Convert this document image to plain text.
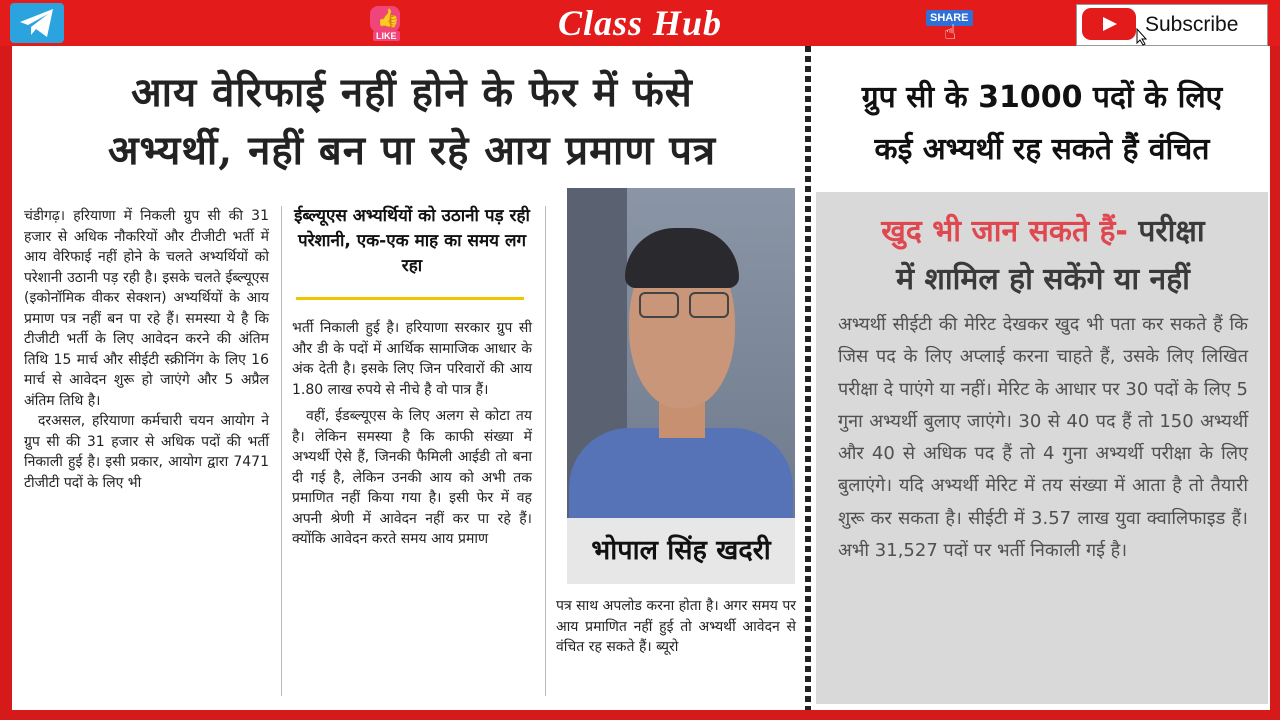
👍
LIKE	Class Hub	SHARE
☝	Subscribe
आय वेरिफाई नहीं होने के फेर में फंसे
अभ्यर्थी, नहीं बन पा रहे आय प्रमाण पत्र

चंडीगढ़। हरियाणा में निकली ग्रुप सी की 31 हजार से अधिक नौकरियों और टीजीटी भर्ती में आय वेरिफाई नहीं होने के चलते अभ्यर्थियों को परेशानी उठानी पड़ रही है। इसके चलते ईब्ल्यूएस (इकोनॉमिक वीकर सेक्शन) अभ्यर्थियों के आय प्रमाण पत्र नहीं बन पा रहे हैं। समस्या ये है कि टीजीटी भर्ती के लिए आवेदन करने की अंतिम तिथि 15 मार्च और सीईटी स्क्रीनिंग के लिए 16 मार्च से आवेदन शुरू हो जाएंगे और 5 अप्रैल अंतिम तिथि है।

दरअसल, हरियाणा कर्मचारी चयन आयोग ने ग्रुप सी की 31 हजार से अधिक पदों की भर्ती निकाली हुई है। इसी प्रकार, आयोग द्वारा 7471 टीजीटी पदों के लिए भी

ईब्ल्यूएस अभ्यर्थियों को उठानी पड़ रही परेशानी, एक-एक माह का समय लग रहा

भर्ती निकाली हुई है। हरियाणा सरकार ग्रुप सी और डी के पदों में आर्थिक सामाजिक आधार के अंक देती है। इसके लिए जिन परिवारों की आय 1.80 लाख रुपये से नीचे है वो पात्र हैं।

वहीं, ईडब्ल्यूएस के लिए अलग से कोटा तय है। लेकिन समस्या है कि काफी संख्या में अभ्यर्थी ऐसे हैं, जिनकी फैमिली आईडी तो बना दी गई है, लेकिन उनकी आय को अभी तक प्रमाणित नहीं किया गया है। इसी फेर में वह अपनी श्रेणी में आवेदन नहीं कर पा रहे हैं। क्योंकि आवेदन करते समय आय प्रमाण	भोपाल सिंह खदरी

पत्र साथ अपलोड करना होता है। अगर समय पर आय प्रमाणित नहीं हुई तो अभ्यर्थी आवेदन से वंचित रह सकते हैं। ब्यूरो

ग्रुप सी के 31000 पदों के लिए
कई अभ्यर्थी रह सकते हैं वंचित
खुद भी जान सकते हैं- परीक्षा
में शामिल हो सकेंगे या नहीं

अभ्यर्थी सीईटी की मेरिट देखकर खुद भी पता कर सकते हैं कि जिस पद के लिए अप्लाई करना चाहते हैं, उसके लिए लिखित परीक्षा दे पाएंगे या नहीं। मेरिट के आधार पर 30 पदों के लिए 5 गुना अभ्यर्थी बुलाए जाएंगे। 30 से 40 पद हैं तो 150 अभ्यर्थी और 40 से अधिक पद हैं तो 4 गुना अभ्यर्थी परीक्षा के लिए बुलाएंगे। यदि अभ्यर्थी मेरिट में तय संख्या में आता है तो तैयारी शुरू कर सकता है। सीईटी में 3.57 लाख युवा क्वालिफाइड हैं। अभी 31,527 पदों पर भर्ती निकाली गई है।
